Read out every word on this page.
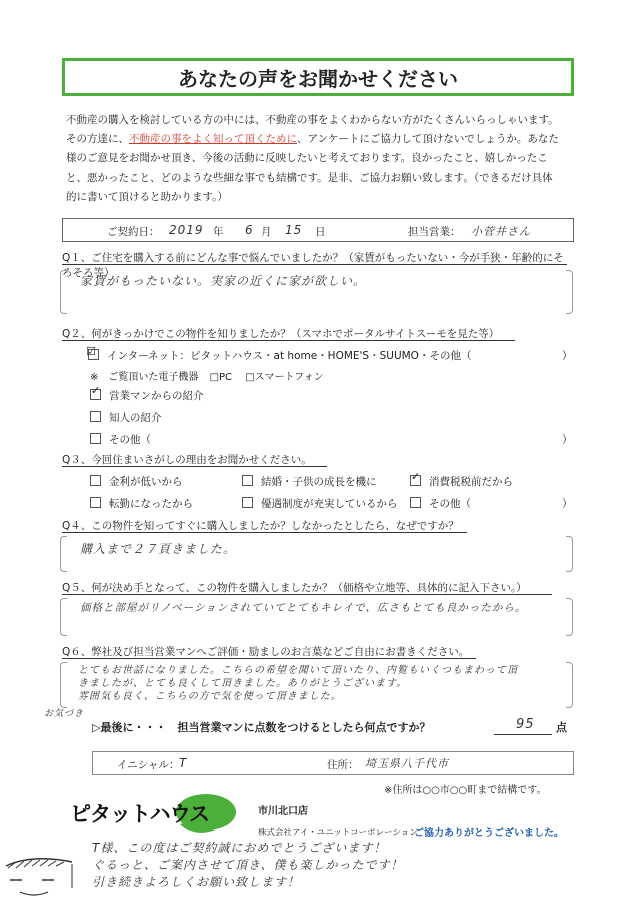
あなたの声をお聞かせください
不動産の購入を検討している方の中には、不動産の事をよくわからない方がたくさんいらっしゃいます。
その方達に、不動産の事をよく知って頂くために、アンケートにご協力して頂けないでしょうか。あなた
様のご意見をお聞かせ頂き、今後の活動に反映したいと考えております。良かったこと、嬉しかったこ
と、悪かったこと、どのような些細な事でも結構です。是非、ご協力お願い致します。（できるだけ具体
的に書いて頂けると助かります。）
ご契約日： 2019 年 6 月 15 日	担当営業： 小菅井さん
Q１、ご住宅を購入する前にどんな事で悩んでいましたか？（家賃がもったいない・今が手狭・年齢的にそろそろ等）
家賃がもったいない。実家の近くに家が欲しい。
Q２、何がきっかけでこの物件を知りましたか？（スマホでポータルサイトスーモを見た等）
☑ インターネット：ピタットハウス・at home・HOME'S・SUUMO・その他（	）
※　ご覧頂いた電子機器 □PC □スマートフォン
✓ 営業マンからの紹介
知人の紹介
その他（	）
Q３、今回住まいさがしの理由をお聞かせください。
金利が低いから	結婚・子供の成長を機に	✓ 消費税税前だから
転勤になったから	優遇制度が充実しているから	その他（	）
Q４、この物件を知ってすぐに購入しましたか？しなかったとしたら、なぜですか？
購入まで２７頁きました。
Q５、何が決め手となって、この物件を購入しましたか？（価格や立地等、具体的に記入下さい。）
価格と部屋がリノベーションされていてとてもキレイで、広さもとても良かったから。
Q６、弊社及び担当営業マンへご評価・励ましのお言葉などご自由にお書きください。
とてもお世話になりました。こちらの希望を聞いて頂いたり、内覧もいくつもまわって頂
きましたが、とても良くして頂きました。ありがとうございます。
雰囲気も良く、こちらの方で気を使って頂きました。
お気づき
▷最後に・・・　担当営業マンに点数をつけるとしたら何点ですか？	95 点
イニシャル： T	住所： 埼玉県八千代市
※住所は○○市○○町まで結構です。
ピタットハウス	市川北口店
株式会社アイ・ユニットコーポレーション
ご協力ありがとうございました。
T様、この度はご契約誠におめでとうございます！
ぐるっと、ご案内させて頂き、僕も楽しかったです！
引き続きよろしくお願い致します！
